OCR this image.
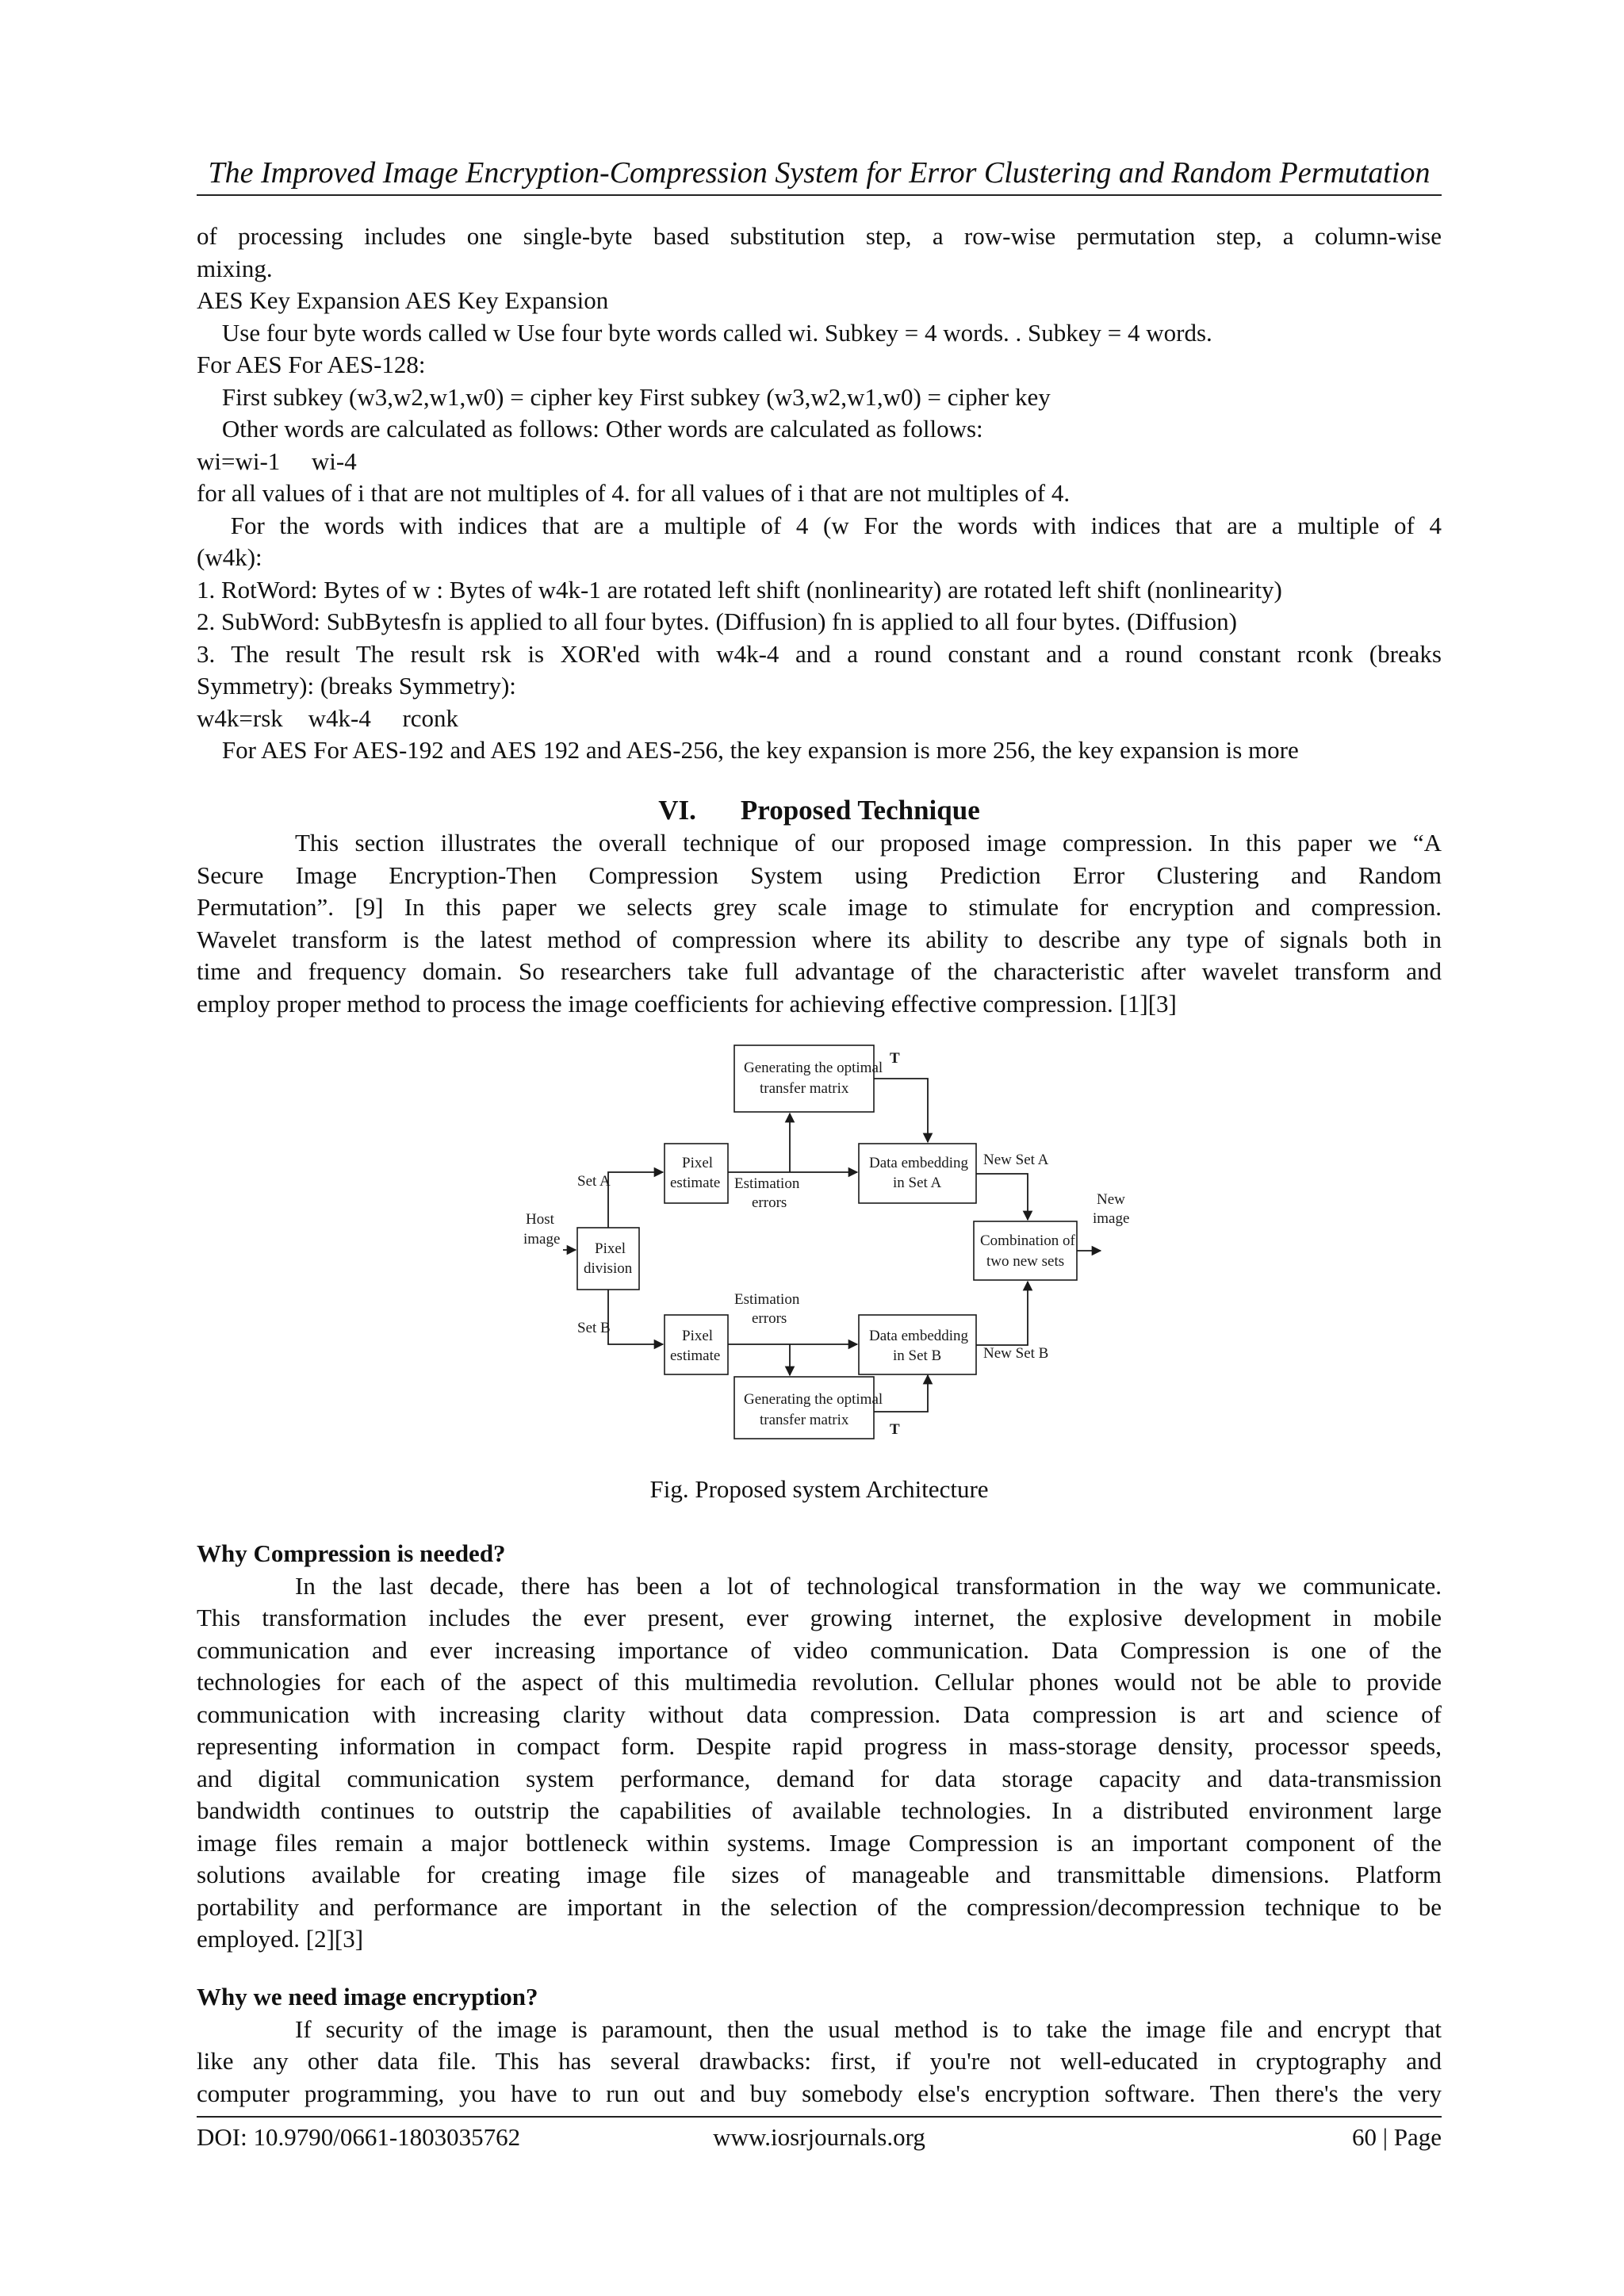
The Improved Image Encryption-Compression System for Error Clustering and Random Permutation
of processing includes one single-byte based substitution step, a row-wise permutation step, a column-wise
mixing.
AES Key Expansion AES Key Expansion
Use four byte words called w Use four byte words called wi. Subkey = 4 words. . Subkey = 4 words.
For AES For AES-128:
First subkey (w3,w2,w1,w0) = cipher key First subkey (w3,w2,w1,w0) = cipher key
Other words are calculated as follows: Other words are calculated as follows:
wi=wi-1 wi-4
for all values of i that are not multiples of 4. for all values of i that are not multiples of 4.
For the words with indices that are a multiple of 4 (w For the words with indices that are a multiple of 4
(w4k):
1. RotWord: Bytes of w : Bytes of w4k-1 are rotated left shift (nonlinearity) are rotated left shift (nonlinearity)
2. SubWord: SubBytesfn is applied to all four bytes. (Diffusion) fn is applied to all four bytes. (Diffusion)
3. The result The result rsk is XOR'ed with w4k-4 and a round constant and a round constant rconk (breaks
Symmetry): (breaks Symmetry):
w4k=rsk w4k-4 rconk
For AES For AES-192 and AES 192 and AES-256, the key expansion is more 256, the key expansion is more
VI. Proposed Technique
This section illustrates the overall technique of our proposed image compression. In this paper we “A
Secure Image Encryption-Then Compression System using Prediction Error Clustering and Random
Permutation”. [9] In this paper we selects grey scale image to stimulate for encryption and compression.
Wavelet transform is the latest method of compression where its ability to describe any type of signals both in
time and frequency domain. So researchers take full advantage of the characteristic after wavelet transform and
employ proper method to process the image coefficients for achieving effective compression. [1][3]
Host
image
Pixel
division
Set A
Set B
Pixel
estimate
Pixel
estimate
Estimation
errors
Estimation
errors
Generating the optimal
transfer matrix
T
Generating the optimal
transfer matrix
T
Data embedding
in Set A
Data embedding
in Set B
New Set A
New Set B
Combination of
two new sets
New
image
Fig. Proposed system Architecture
Why Compression is needed?
In the last decade, there has been a lot of technological transformation in the way we communicate.
This transformation includes the ever present, ever growing internet, the explosive development in mobile
communication and ever increasing importance of video communication. Data Compression is one of the
technologies for each of the aspect of this multimedia revolution. Cellular phones would not be able to provide
communication with increasing clarity without data compression. Data compression is art and science of
representing information in compact form. Despite rapid progress in mass-storage density, processor speeds,
and digital communication system performance, demand for data storage capacity and data-transmission
bandwidth continues to outstrip the capabilities of available technologies. In a distributed environment large
image files remain a major bottleneck within systems. Image Compression is an important component of the
solutions available for creating image file sizes of manageable and transmittable dimensions. Platform
portability and performance are important in the selection of the compression/decompression technique to be
employed. [2][3]
Why we need image encryption?
If security of the image is paramount, then the usual method is to take the image file and encrypt that
like any other data file. This has several drawbacks: first, if you're not well-educated in cryptography and
computer programming, you have to run out and buy somebody else's encryption software. Then there's the very
DOI: 10.9790/0661-1803035762	www.iosrjournals.org	60 | Page
